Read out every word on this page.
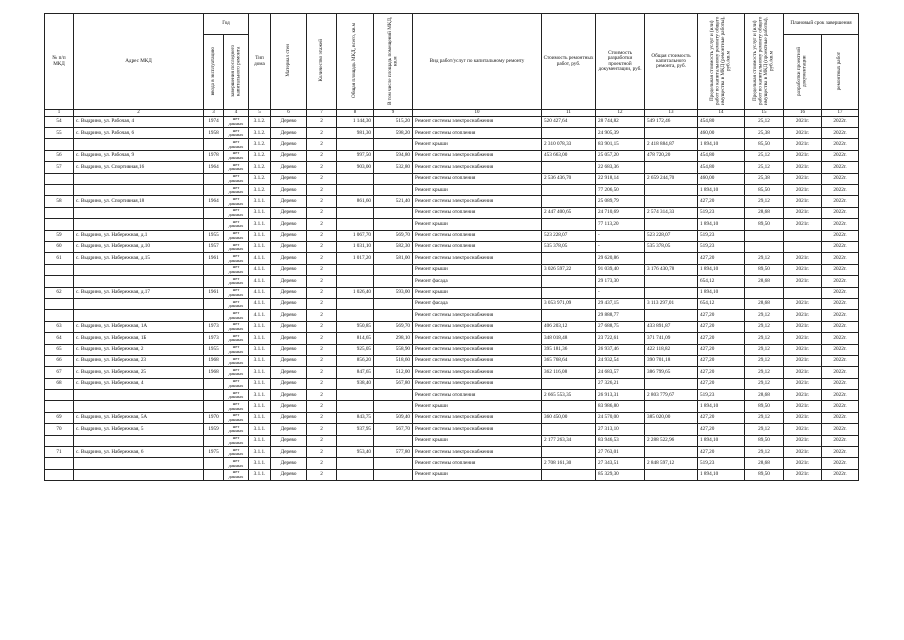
№ п/п МКД	Адрес МКД	Год		Тип дома	Материал стен	Количество этажей	Общая площадь МКД, всего, кв.м	В том числе площадь помещений МКД, кв.м	Вид работ/услуг по капитальному ремонту	Стоимость ремонтных работ, руб.	Стоимость разработки проектной документации, руб.	Общая стоимость капитального ремонта, руб.	Предельная стоимость услуг и (или) работ по капитальному ремонту общего имущества в МКД (ремонтные работы), руб./кв.м	Предельная стоимость услуг и (или) работ по капитальному ремонту общего имущества в МКД (проектные работы), руб./кв.м	Плановый срок завершения	
		ввода в эксплуатацию	завершения последнего капитального ремонта												разработки проектной документации	ремонтных работ
1	2	3	4	5	6	7	8	9	10	11	12	13	14	15	16	17
54	с. Выдрино, ул. Рабочая, 4	1974	нет данных	3.1.2.	Дерево	2	1 144,30	515,20	Ремонт системы электроснабжения	520 427,64	28 744,82	549 172,46	454,80	25,12	2021г.	2022г.
55	с. Выдрино, ул. Рабочая, 6	1958	нет данных	3.1.2.	Дерево	2	981,30	598,20	Ремонт системы отопления		24 905,39		460,00	25,38	2021г.	2022г.
			нет данных	3.1.2.	Дерево	2			Ремонт крыши	2 310 078,33	83 901,15	2 418 884,87	1 894,10	85,50	2021г.	2022г.
56	с. Выдрино, ул. Рабочая, 9	1978	нет данных	3.1.2.	Дерево	2	997,50	594,80	Ремонт системы электроснабжения	453 663,00	25 057,20	478 720,20	454,80	25,12	2021г.	2022г.
57	с. Выдрино, ул. Спортивная,16	1964	нет данных	3.1.2.	Дерево	2	903,00	532,80	Ремонт системы электроснабжения		22 683,36		454,80	25,12	2021г.	2022г.
			нет данных	3.1.2.	Дерево	2			Ремонт системы отопления	2 536 436,70	22 918,14	2 659 244,70	460,00	25,38	2021г.	2022г.
			нет данных	3.1.2.	Дерево	2			Ремонт крыши		77 206,50		1 894,10	85,50	2021г.	2022г.
58	с. Выдрино, ул. Спортивная,18	1964	нет данных	3.1.1.	Дерево	2	861,60	521,40	Ремонт системы электроснабжения		25 089,79		427,20	29,12	2021г.	2022г.
			нет данных	3.1.1.	Дерево	2			Ремонт системы отопления	2 447 400,65	24 710,69	2 574 314,33	519,23	28,68	2021г.	2022г.
			нет данных	3.1.1.	Дерево	2			Ремонт крыши		77 113,20		1 894,10	89,50	2021г.	2022г.
59	с. Выдрино, ул. Набережная, д.1	1955	нет данных	3.1.1.	Дерево	2	1 067,70	569,70	Ремонт системы отопления	523 228,07	-	523 228,07	519,23			2022г.
60	с. Выдрино, ул. Набережная, д.10	1957	нет данных	3.1.1.	Дерево	2	1 031,10	582,30	Ремонт системы отопления	535 378,05	-	535 378,05	519,23			2022г.
61	с. Выдрино, ул. Набережная, д.15	1961	нет данных	4.1.1.	Дерево	2	1 017,20	581,00	Ремонт системы электроснабжения		29 620,86		427,20	29,12	2021г.	2022г.
			нет данных	4.1.1.	Дерево	2			Ремонт крыши	3 026 597,22	91 039,40	3 176 430,78	1 894,10	89,50	2021г.	2022г.
			нет данных	4.1.1.	Дерево	2			Ремонт фасада		29 173,30		654,12	28,68	2021г.	2022г.
62	с. Выдрино, ул. Набережная, д.17	1961	нет данных	4.1.1.	Дерево	2	1 026,40	593,00	Ремонт крыши		-		1 894,10			2022г.
			нет данных	4.1.1.	Дерево	2			Ремонт фасада	3 053 971,09	29 437,15	3 113 297,01	654,12	28,68	2021г.	2022г.
			нет данных	4.1.1.	Дерево	2			Ремонт системы электроснабжения		29 888,77		427,20	29,12	2021г.	2022г.
63	с. Выдрино, ул. Набережная, 1А	1973	нет данных	3.1.1.	Дерево	2	950,85	569,70	Ремонт системы электроснабжения	406 203,12	27 688,75	433 891,87	427,20	29,12	2021г.	2022г.
64	с. Выдрино, ул. Набережная, 1Б	1973	нет данных	3.1.1.	Дерево	2	814,65	298,10	Ремонт системы электроснабжения	348 018,48	23 722,61	371 741,09	427,20	29,12	2021г.	2022г.
65	с. Выдрино, ул. Набережная, 2	1955	нет данных	3.1.1.	Дерево	2	925,05	558,90	Ремонт системы электроснабжения	395 181,36	26 937,46	422 118,82	427,20	29,12	2021г.	2022г.
66	с. Выдрино, ул. Набережная, 23	1968	нет данных	3.1.1.	Дерево	2	856,20	518,60	Ремонт системы электроснабжения	365 768,64	24 932,54	390 701,18	427,20	29,12	2021г.	2022г.
67	с. Выдрино, ул. Набережная, 25	1968	нет данных	3.1.1.	Дерево	2	847,65	512,00	Ремонт системы электроснабжения	362 116,08	24 683,57	386 799,65	427,20	29,12	2021г.	2022г.
68	с. Выдрино, ул. Набережная, 4		нет данных	3.1.1.	Дерево	2	938,40	567,80	Ремонт системы электроснабжения		27 326,21		427,20	29,12	2021г.	2022г.
			нет данных	3.1.1.	Дерево	2			Ремонт системы отопления	2 665 553,35	26 913,31	2 803 779,67	519,23	28,68	2021г.	2022г.
			нет данных	3.1.1.	Дерево	2			Ремонт крыши		83 986,80		1 894,10	89,50	2021г.	2022г.
69	с. Выдрино, ул. Набережная, 5А	1970	нет данных	3.1.1.	Дерево	2	843,75	509,40	Ремонт системы электроснабжения	360 450,00	24 570,00	385 020,00	427,20	29,12	2021г.	2022г.
70	с. Выдрино, ул. Набережная, 5	1959	нет данных	3.1.1.	Дерево	2	937,95	567,70	Ремонт системы электроснабжения		27 313,10		427,20	29,12	2021г.	2022г.
			нет данных	3.1.1.	Дерево	2			Ремонт крыши	2 177 263,34	83 946,53	2 288 522,96	1 894,10	89,50	2021г.	2022г.
71	с. Выдрино, ул. Набережная, 6	1975	нет данных	3.1.1.	Дерево	2	953,40	577,80	Ремонт системы электроснабжения		27 763,01		427,20	29,12	2021г.	2022г.
			нет данных	3.1.1.	Дерево	2			Ремонт системы отопления	2 708 161,30	27 343,51	2 848 597,12	519,23	28,68	2021г.	2022г.
			нет данных	3.1.1.	Дерево	2			Ремонт крыши		85 329,30		1 894,10	89,50	2021г.	2022г.
